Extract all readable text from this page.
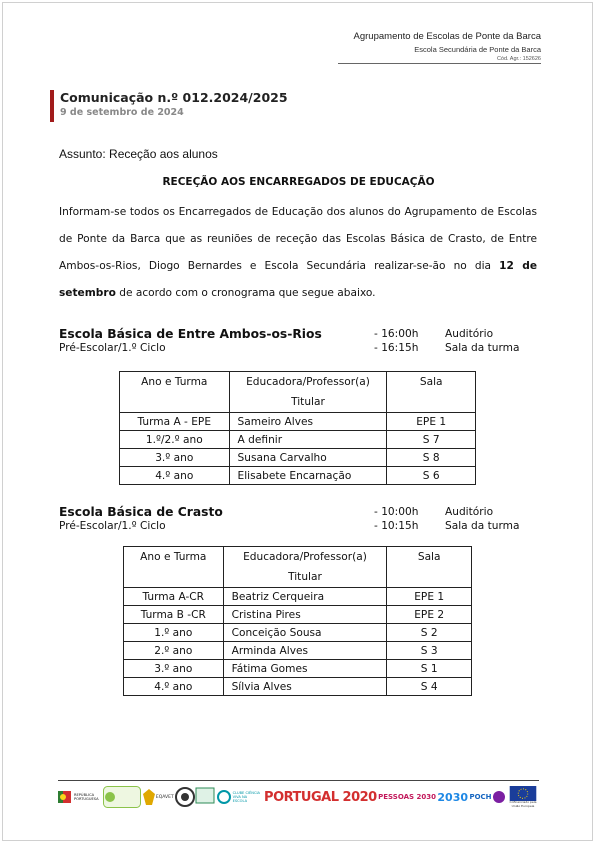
Agrupamento de Escolas de Ponte da Barca
Escola Secundária de Ponte da Barca
Cód. Agr.: 152626
Comunicação n.º 012.2024/2025
9 de setembro de 2024
Assunto: Receção aos alunos
RECEÇÃO AOS ENCARREGADOS DE EDUCAÇÃO
Informam-se todos os Encarregados de Educação dos alunos do Agrupamento de Escolas de Ponte da Barca que as reuniões de receção das Escolas Básica de Crasto, de Entre Ambos-os-Rios, Diogo Bernardes e Escola Secundária realizar-se-ão no dia 12 de setembro de acordo com o cronograma que segue abaixo.
Escola Básica de Entre Ambos-os-Rios
Pré-Escolar/1.º Ciclo
- 16:00h	Auditório
- 16:15h	Sala da turma
Ano e Turma	Educadora/Professor(a) Titular	Sala
Turma A - EPE	Sameiro Alves	EPE 1
1.º/2.º ano	A definir	S 7
3.º ano	Susana Carvalho	S 8
4.º ano	Elisabete Encarnação	S 6
Escola Básica de Crasto
Pré-Escolar/1.º Ciclo
- 10:00h	Auditório
- 10:15h	Sala da turma
Ano e Turma	Educadora/Professor(a) Titular	Sala
Turma A-CR	Beatriz Cerqueira	EPE 1
Turma B -CR	Cristina Pires	EPE 2
1.º ano	Conceição Sousa	S 2
2.º ano	Arminda Alves	S 3
3.º ano	Fátima Gomes	S 1
4.º ano	Sílvia Alves	S 4
REPÚBLICA PORTUGUESA	EQAVET
CLUBE CIÊNCIA VIVA NA ESCOLA	PORTUGAL 2020 PESSOAS 2030 2030 POCH
Cofinanciado pela União Europeia
